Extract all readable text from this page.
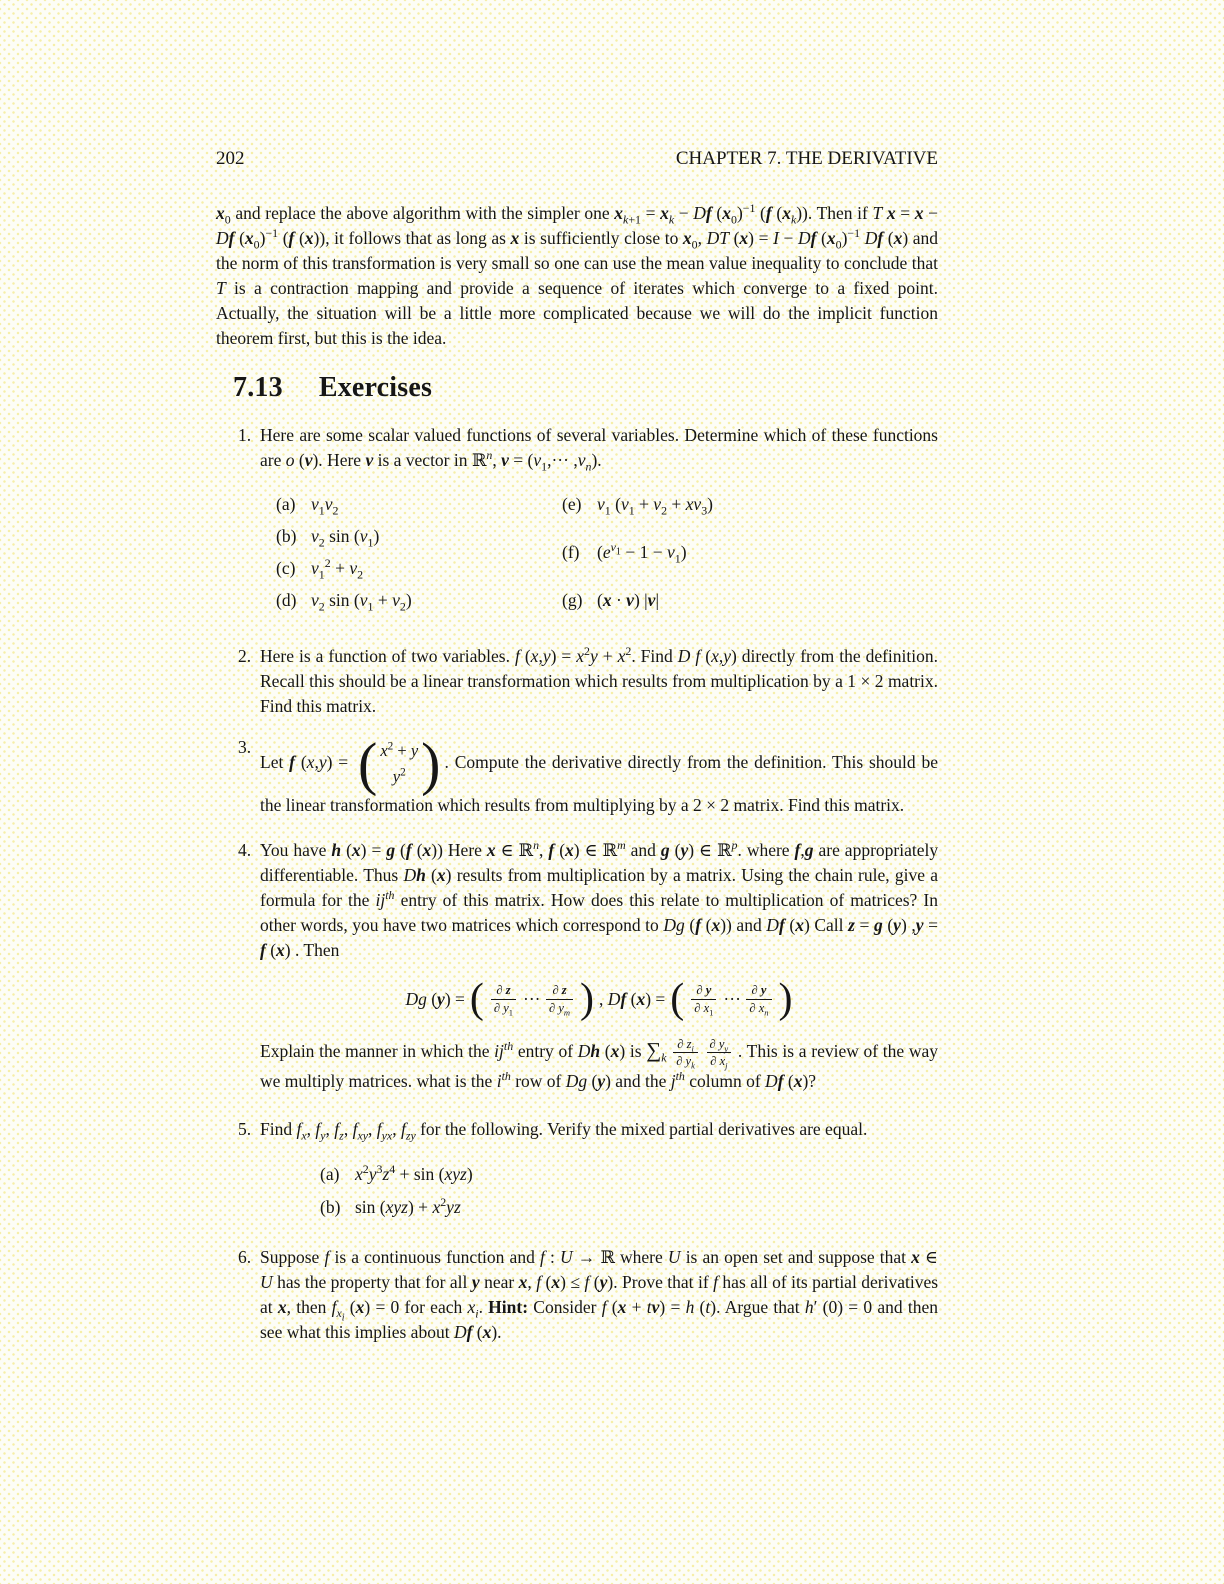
202	CHAPTER 7. THE DERIVATIVE
$x_0$ and replace the above algorithm with the simpler one $x_{k+1} = x_k - Df$ $(x_0)^{-1}$ (f $(x_k)$). Then if T x = x − Df $(x_0)^{-1}$ (f (x)), it follows that as long as x is sufficiently close to $x_0$, DT (x) = I − Df $(x_0)^{-1}$ Df (x) and the norm of this transformation is very small so one can use the mean value inequality to conclude that T is a contraction mapping and provide a sequence of iterates which converge to a fixed point. Actually, the situation will be a little more complicated because we will do the implicit function theorem first, but this is the idea.
7.13 Exercises
1. Here are some scalar valued functions of several variables. Determine which of these functions are o (v). Here v is a vector in ℝ$^n$, $v = (v_1,\cdot\cdot\cdot ,v_n)$.
(a) $v_1v_2$
(b) $v_2$ $\sin (v_1)$
(c) $v_1^2 + v_2$
(d) $v_2$ $\sin (v_1 + v_2)$
(e) $v_1$ $(v_1 + v_2 + xv_3)$
(f)	$(e^{v_1} - 1 - v_1)$
(g) (x · v) |v|
2. Here is a function of two variables. f $(x,y) = x^2y + x^2$. Find D f (x,y) directly from the definition. Recall this should be a linear transformation which results from multiplication by a 1 × 2 matrix. Find this matrix.
3.
Let f (x,y) = ( $x^2 + y$
$y^2$ ) . Compute the derivative directly from the definition. This should be the linear transformation which results from multiplying by a 2 × 2 matrix. Find this matrix.
4. You have h (x) = g (f (x)) Here x ∈ ℝ$^n$, f (x) ∈ ℝ$^m$ and g (y) ∈ ℝ$^p$. where f,g are appropriately differentiable. Thus Dh (x) results from multiplication by a matrix. Using the chain rule, give a formula for the $ij^{th}$ entry of this matrix. How does this relate to multiplication of matrices? In other words, you have two matrices which correspond to Dg (f (x)) and Df (x) Call z = g (y) ,y = f (x) . Then
Dg (y) = ( $\frac{\partial z}{\partial y_1}$ ··· $\frac{\partial z}{\partial y_m}$ ) , Df (x) = ( $\frac{\partial y}{\partial x_1}$ ··· $\frac{\partial y}{\partial x_n}$ )
Explain the manner in which the $ij^{th}$ entry of Dh (x) is $\sum_k \frac{\partial z_i}{\partial y_k}$
$\frac{\partial y_y}{\partial x_j}$ . This is a review of the way we multiply matrices. what is the $i^{th}$ row of Dg (y) and the $j^{th}$ column of Df (x)?
5. Find $f_x$, $f_y$, $f_z$, $f_{xy}$, $f_{yx}$, $f_{zy}$ for the following. Verify the mixed partial derivatives are equal.
(a) $x^2y^3z^4 + \sin (xyz)$
(b) $\sin (xyz) + x^2yz$
6. Suppose f is a continuous function and f : U → ℝ where U is an open set and suppose that x ∈ U has the property that for all y near x, f (x) ≤ f (y). Prove that if f has all of its partial derivatives at x, then $f_{x_i}$ (x) = 0 for each $x_i$. Hint: Consider f (x + tv) = h (t). Argue that h′ (0) = 0 and then see what this implies about Df (x).
